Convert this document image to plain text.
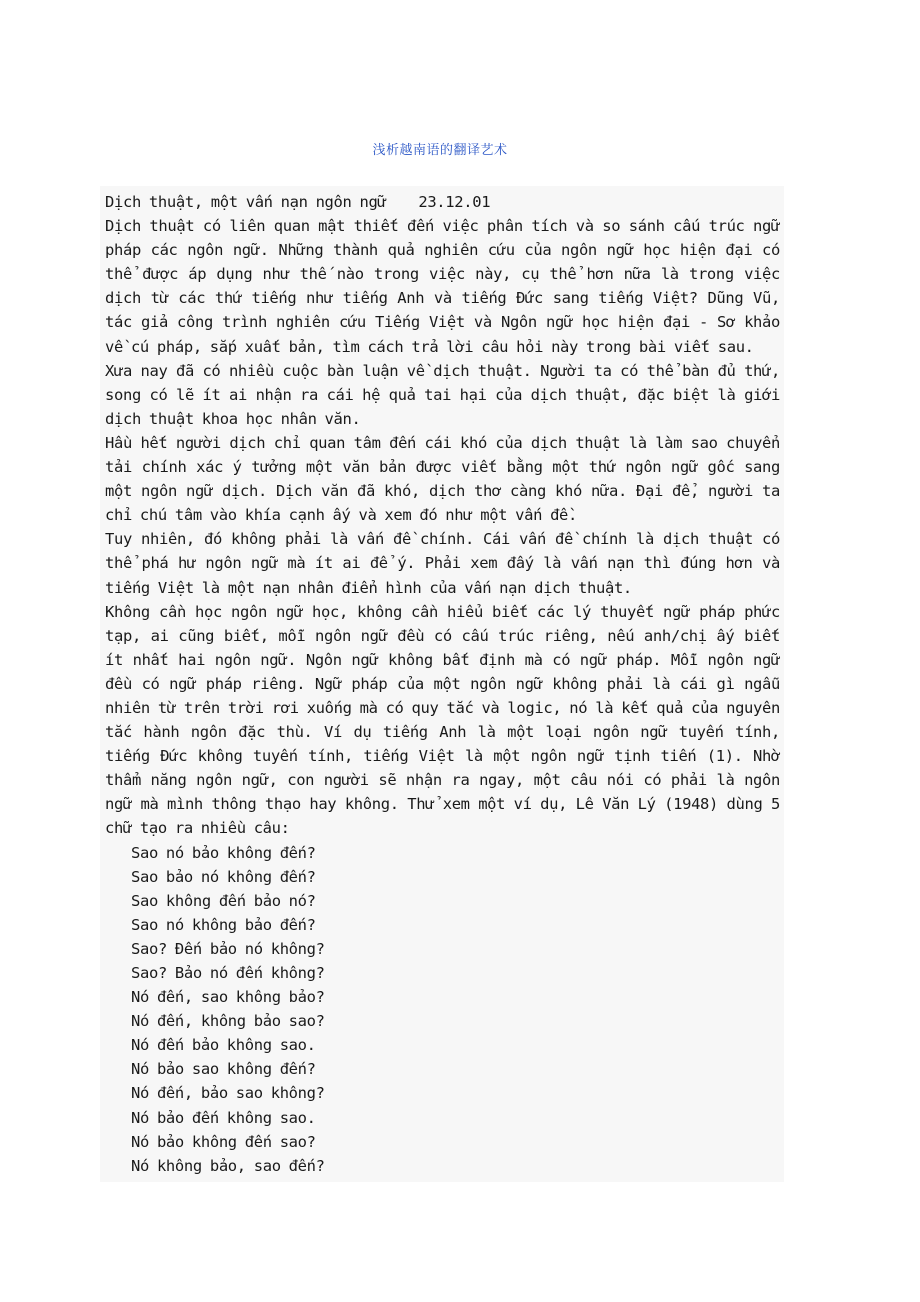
浅析越南语的翻译艺术

Dịch thuật, một vấn nạn ngôn ngữ    23.12.01

Dịch thuật có liên quan mật thiết đến việc phân tích và so sánh cấu trúc ngữ pháp các ngôn ngữ. Những thành quả nghiên cứu của ngôn ngữ học hiện đại có thể được áp dụng như thế nào trong việc này, cụ thể hơn nữa là trong việc dịch từ các thứ tiếng như tiếng Anh và tiếng Đức sang tiếng Việt? Dũng Vũ, tác giả công trình nghiên cứu Tiếng Việt và Ngôn ngữ học hiện đại - Sơ khảo về cú pháp, sắp xuất bản, tìm cách trả lời câu hỏi này trong bài viết sau.

Xưa nay đã có nhiều cuộc bàn luận về dịch thuật. Người ta có thể bàn đủ thứ, song có lẽ ít ai nhận ra cái hệ quả tai hại của dịch thuật, đặc biệt là giới dịch thuật khoa học nhân văn.

Hầu hết người dịch chỉ quan tâm đến cái khó của dịch thuật là làm sao chuyển tải chính xác ý tưởng một văn bản được viết bằng một thứ ngôn ngữ gốc sang một ngôn ngữ dịch. Dịch văn đã khó, dịch thơ càng khó nữa. Đại để, người ta chỉ chú tâm vào khía cạnh ấy và xem đó như một vấn đề.

Tuy nhiên, đó không phải là vấn đề chính. Cái vấn đề chính là dịch thuật có thể phá hư ngôn ngữ mà ít ai để ý. Phải xem đấy là vấn nạn thì đúng hơn và tiếng Việt là một nạn nhân điển hình của vấn nạn dịch thuật.

Không cần học ngôn ngữ học, không cần hiểu biết các lý thuyết ngữ pháp phức tạp, ai cũng biết, mỗi ngôn ngữ đều có cấu trúc riêng, nếu anh/chị ấy biết ít nhất hai ngôn ngữ. Ngôn ngữ không bất định mà có ngữ pháp. Mỗi ngôn ngữ đều có ngữ pháp riêng. Ngữ pháp của một ngôn ngữ không phải là cái gì ngẫu nhiên từ trên trời rơi xuống mà có quy tắc và logic, nó là kết quả của nguyên tắc hành ngôn đặc thù. Ví dụ tiếng Anh là một loại ngôn ngữ tuyến tính, tiếng Đức không tuyến tính, tiếng Việt là một ngôn ngữ tịnh tiến (1). Nhờ thẩm năng ngôn ngữ, con người sẽ nhận ra ngay, một câu nói có phải là ngôn ngữ mà mình thông thạo hay không. Thử xem một ví dụ, Lê Văn Lý (1948) dùng 5 chữ tạo ra nhiều câu:

Sao nó bảo không đến?
Sao bảo nó không đến?
Sao không đến bảo nó?
Sao nó không bảo đến?
Sao? Đến bảo nó không?
Sao? Bảo nó đến không?
Nó đến, sao không bảo?
Nó đến, không bảo sao?
Nó đến bảo không sao.
Nó bảo sao không đến?
Nó đến, bảo sao không?
Nó bảo đến không sao.
Nó bảo không đến sao?
Nó không bảo, sao đến?
